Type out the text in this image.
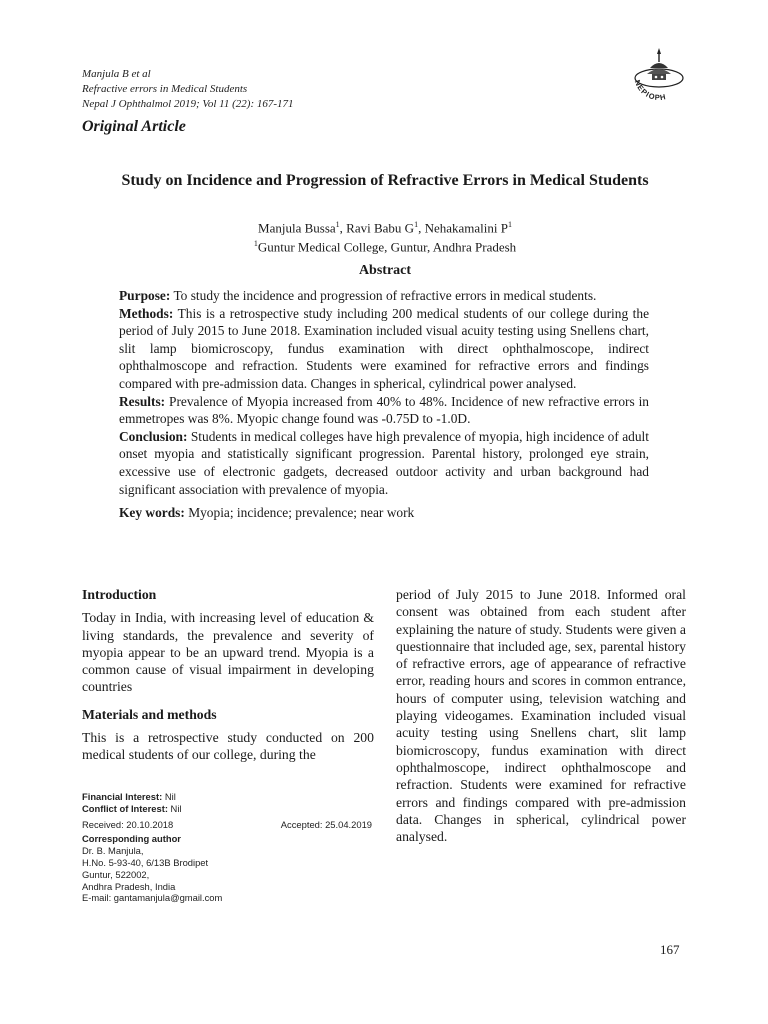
Manjula B et al
Refractive errors in Medical Students
Nepal J Ophthalmol 2019; Vol 11 (22): 167-171
NEPIOPH
Original Article
Study on Incidence and Progression of Refractive Errors in Medical Students
Manjula Bussa$^1$, Ravi Babu $G^1$, Nehakamalini $P^1$
$^1$Guntur Medical College, Guntur, Andhra Pradesh
Abstract

Purpose: To study the incidence and progression of refractive errors in medical students.

Methods: This is a retrospective study including 200 medical students of our college during the period of July 2015 to June 2018. Examination included visual acuity testing using Snellens chart, slit lamp biomicroscopy, fundus examination with direct ophthalmoscope, indirect ophthalmoscope and refraction. Students were examined for refractive errors and findings compared with pre-admission data. Changes in spherical, cylindrical power analysed.

Results: Prevalence of Myopia increased from 40% to 48%. Incidence of new refractive errors in emmetropes was 8%. Myopic change found was -0.75D to -1.0D.

Conclusion: Students in medical colleges have high prevalence of myopia, high incidence of adult onset myopia and statistically significant progression. Parental history, prolonged eye strain, excessive use of electronic gadgets, decreased outdoor activity and urban background had significant association with prevalence of myopia.

Key words: Myopia; incidence; prevalence; near work

Introduction

Today in India, with increasing level of education & living standards, the prevalence and severity of myopia appear to be an upward trend. Myopia is a common cause of visual impairment in developing countries

Materials and methods

This is a retrospective study conducted on 200 medical students of our college, during the

period of July 2015 to June 2018. Informed oral consent was obtained from each student after explaining the nature of study. Students were given a questionnaire that included age, sex, parental history of refractive errors, age of appearance of refractive error, reading hours and scores in common entrance, hours of computer using, television watching and playing videogames. Examination included visual acuity testing using Snellens chart, slit lamp biomicroscopy, fundus examination with direct ophthalmoscope, indirect ophthalmoscope and refraction. Students were examined for refractive errors and findings compared with pre-admission data. Changes in spherical, cylindrical power analysed.

Financial Interest: Nil
Conflict of Interest: Nil
Received: 20.10.2018	Accepted: 25.04.2019
Corresponding author
Dr. B. Manjula,
H.No. 5-93-40, 6/13B Brodipet
Guntur, 522002,
Andhra Pradesh, India
E-mail: gantamanjula@gmail.com
167
